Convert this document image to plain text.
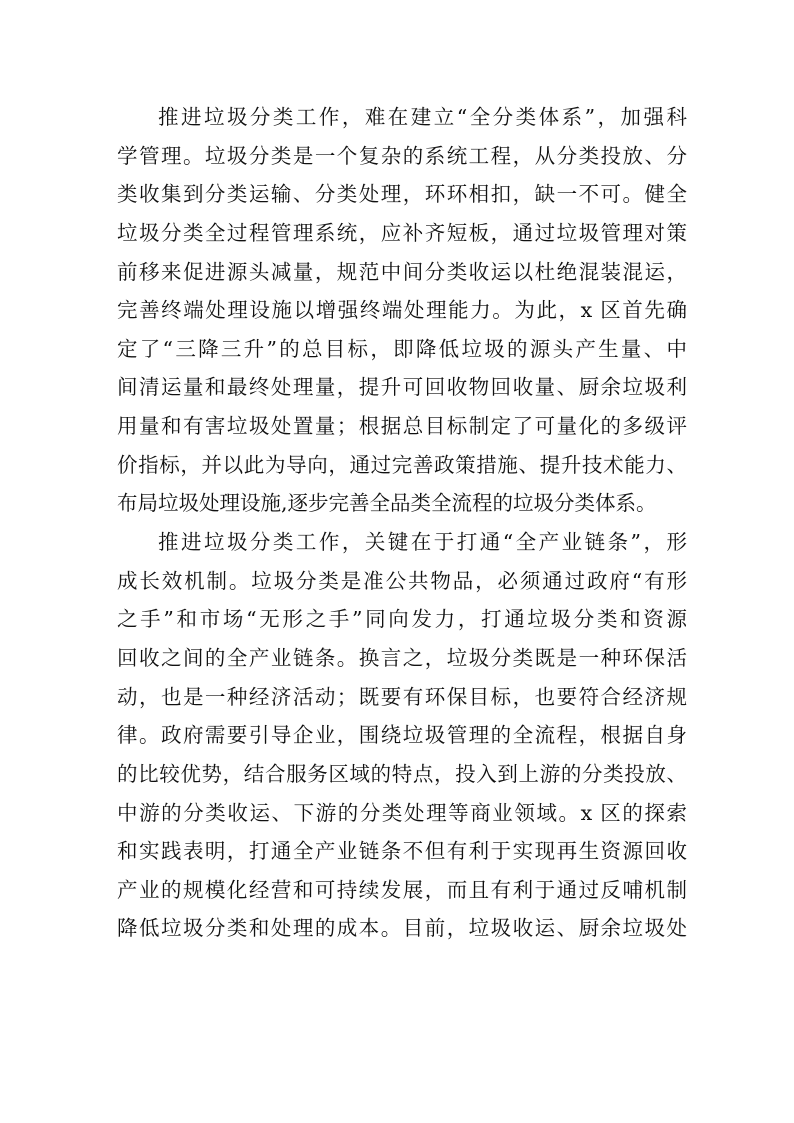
推进垃圾分类工作，难在建立“全分类体系”，加强科
学管理。垃圾分类是一个复杂的系统工程，从分类投放、分
类收集到分类运输、分类处理，环环相扣，缺一不可。健全
垃圾分类全过程管理系统，应补齐短板，通过垃圾管理对策
前移来促进源头减量，规范中间分类收运以杜绝混装混运，
完善终端处理设施以增强终端处理能力。为此，x 区首先确
定了“三降三升”的总目标，即降低垃圾的源头产生量、中
间清运量和最终处理量，提升可回收物回收量、厨余垃圾利
用量和有害垃圾处置量；根据总目标制定了可量化的多级评
价指标，并以此为导向，通过完善政策措施、提升技术能力、
布局垃圾处理设施,逐步完善全品类全流程的垃圾分类体系。
推进垃圾分类工作，关键在于打通“全产业链条”，形
成长效机制。垃圾分类是准公共物品，必须通过政府“有形
之手”和市场“无形之手”同向发力，打通垃圾分类和资源
回收之间的全产业链条。换言之，垃圾分类既是一种环保活
动，也是一种经济活动；既要有环保目标，也要符合经济规
律。政府需要引导企业，围绕垃圾管理的全流程，根据自身
的比较优势，结合服务区域的特点，投入到上游的分类投放、
中游的分类收运、下游的分类处理等商业领域。x 区的探索
和实践表明，打通全产业链条不但有利于实现再生资源回收
产业的规模化经营和可持续发展，而且有利于通过反哺机制
降低垃圾分类和处理的成本。目前，垃圾收运、厨余垃圾处
